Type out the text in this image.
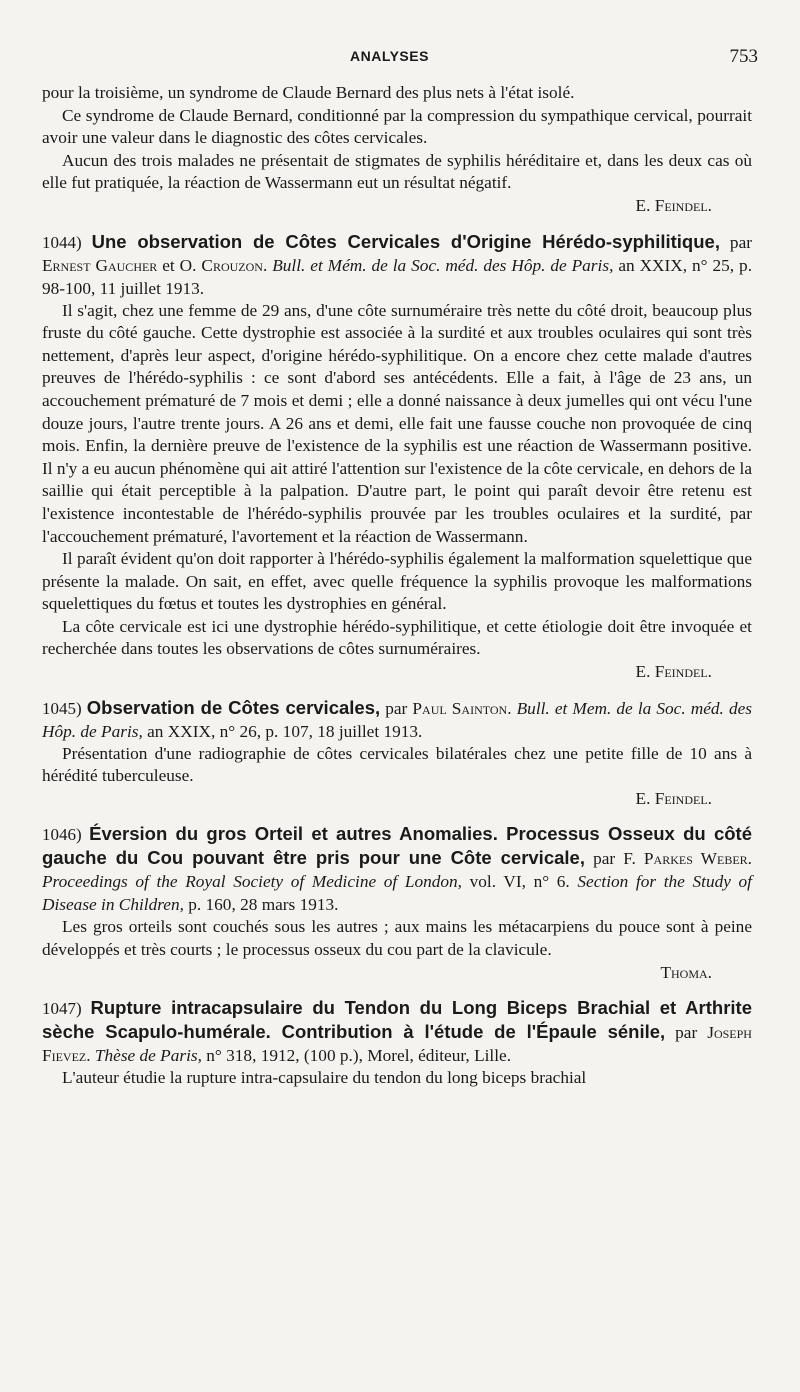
ANALYSES	753

pour la troisième, un syndrome de Claude Bernard des plus nets à l'état isolé.

Ce syndrome de Claude Bernard, conditionné par la compression du sympathique cervical, pourrait avoir une valeur dans le diagnostic des côtes cervicales.

Aucun des trois malades ne présentait de stigmates de syphilis héréditaire et, dans les deux cas où elle fut pratiquée, la réaction de Wassermann eut un résultat négatif.

E. Feindel.

1044) Une observation de Côtes Cervicales d'Origine Hérédo-syphilitique, par Ernest Gaucher et O. Crouzon. Bull. et Mém. de la Soc. méd. des Hôp. de Paris, an XXIX, n° 25, p. 98-100, 11 juillet 1913.

Il s'agit, chez une femme de 29 ans, d'une côte surnuméraire très nette du côté droit, beaucoup plus fruste du côté gauche. Cette dystrophie est associée à la surdité et aux troubles oculaires qui sont très nettement, d'après leur aspect, d'origine hérédo-syphilitique. On a encore chez cette malade d'autres preuves de l'hérédo-syphilis : ce sont d'abord ses antécédents. Elle a fait, à l'âge de 23 ans, un accouchement prématuré de 7 mois et demi ; elle a donné naissance à deux jumelles qui ont vécu l'une douze jours, l'autre trente jours. A 26 ans et demi, elle fait une fausse couche non provoquée de cinq mois. Enfin, la dernière preuve de l'existence de la syphilis est une réaction de Wassermann positive. Il n'y a eu aucun phénomène qui ait attiré l'attention sur l'existence de la côte cervicale, en dehors de la saillie qui était perceptible à la palpation. D'autre part, le point qui paraît devoir être retenu est l'existence incontestable de l'hérédo-syphilis prouvée par les troubles oculaires et la surdité, par l'accouchement prématuré, l'avortement et la réaction de Wassermann.

Il paraît évident qu'on doit rapporter à l'hérédo-syphilis également la malformation squelettique que présente la malade. On sait, en effet, avec quelle fréquence la syphilis provoque les malformations squelettiques du fœtus et toutes les dystrophies en général.

La côte cervicale est ici une dystrophie hérédo-syphilitique, et cette étiologie doit être invoquée et recherchée dans toutes les observations de côtes surnuméraires.

E. Feindel.

1045) Observation de Côtes cervicales, par Paul Sainton. Bull. et Mem. de la Soc. méd. des Hôp. de Paris, an XXIX, n° 26, p. 107, 18 juillet 1913.

Présentation d'une radiographie de côtes cervicales bilatérales chez une petite fille de 10 ans à hérédité tuberculeuse.

E. Feindel.

1046) Éversion du gros Orteil et autres Anomalies. Processus Osseux du côté gauche du Cou pouvant être pris pour une Côte cervicale, par F. Parkes Weber. Proceedings of the Royal Society of Medicine of London, vol. VI, n° 6. Section for the Study of Disease in Children, p. 160, 28 mars 1913.

Les gros orteils sont couchés sous les autres ; aux mains les métacarpiens du pouce sont à peine développés et très courts ; le processus osseux du cou part de la clavicule.

Thoma.

1047) Rupture intracapsulaire du Tendon du Long Biceps Brachial et Arthrite sèche Scapulo-humérale. Contribution à l'étude de l'Épaule sénile, par Joseph Fievez. Thèse de Paris, n° 318, 1912, (100 p.), Morel, éditeur, Lille.

L'auteur étudie la rupture intra-capsulaire du tendon du long biceps brachial
